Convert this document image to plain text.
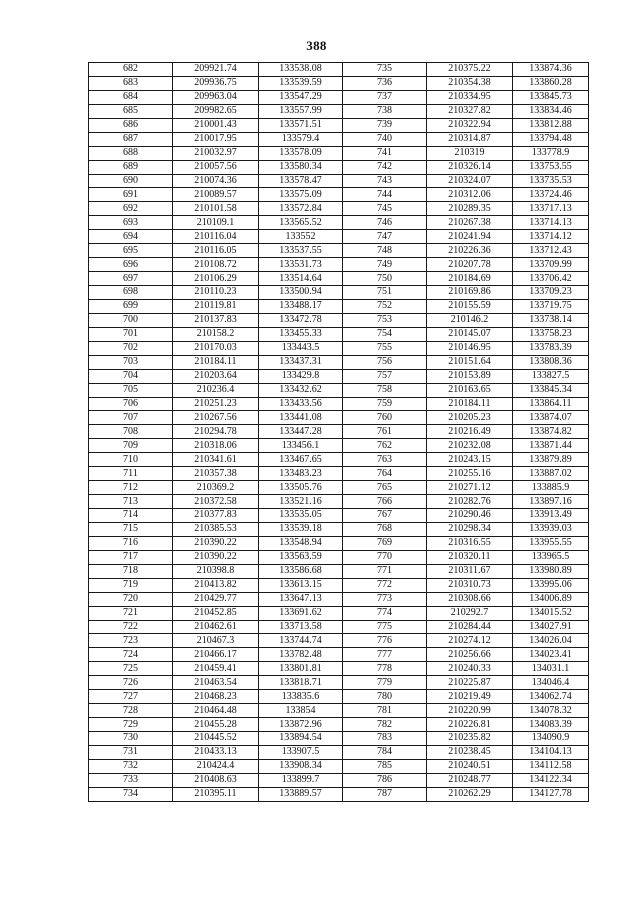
388
682	209921.74	133538.08	735	210375.22	133874.36
683	209936.75	133539.59	736	210354.38	133860.28
684	209963.04	133547.29	737	210334.95	133845.73
685	209982.65	133557.99	738	210327.82	133834.46
686	210001.43	133571.51	739	210322.94	133812.88
687	210017.95	133579.4	740	210314.87	133794.48
688	210032.97	133578.09	741	210319	133778.9
689	210057.56	133580.34	742	210326.14	133753.55
690	210074.36	133578.47	743	210324.07	133735.53
691	210089.57	133575.09	744	210312.06	133724.46
692	210101.58	133572.84	745	210289.35	133717.13
693	210109.1	133565.52	746	210267.38	133714.13
694	210116.04	133552	747	210241.94	133714.12
695	210116.05	133537.55	748	210226.36	133712.43
696	210108.72	133531.73	749	210207.78	133709.99
697	210106.29	133514.64	750	210184.69	133706.42
698	210110.23	133500.94	751	210169.86	133709.23
699	210119.81	133488.17	752	210155.59	133719.75
700	210137.83	133472.78	753	210146.2	133738.14
701	210158.2	133455.33	754	210145.07	133758.23
702	210170.03	133443.5	755	210146.95	133783.39
703	210184.11	133437.31	756	210151.64	133808.36
704	210203.64	133429.8	757	210153.89	133827.5
705	210236.4	133432.62	758	210163.65	133845.34
706	210251.23	133433.56	759	210184.11	133864.11
707	210267.56	133441.08	760	210205.23	133874.07
708	210294.78	133447.28	761	210216.49	133874.82
709	210318.06	133456.1	762	210232.08	133871.44
710	210341.61	133467.65	763	210243.15	133879.89
711	210357.38	133483.23	764	210255.16	133887.02
712	210369.2	133505.76	765	210271.12	133885.9
713	210372.58	133521.16	766	210282.76	133897.16
714	210377.83	133535.05	767	210290.46	133913.49
715	210385.53	133539.18	768	210298.34	133939.03
716	210390.22	133548.94	769	210316.55	133955.55
717	210390.22	133563.59	770	210320.11	133965.5
718	210398.8	133586.68	771	210311.67	133980.89
719	210413.82	133613.15	772	210310.73	133995.06
720	210429.77	133647.13	773	210308.66	134006.89
721	210452.85	133691.62	774	210292.7	134015.52
722	210462.61	133713.58	775	210284.44	134027.91
723	210467.3	133744.74	776	210274.12	134026.04
724	210466.17	133782.48	777	210256.66	134023.41
725	210459.41	133801.81	778	210240.33	134031.1
726	210463.54	133818.71	779	210225.87	134046.4
727	210468.23	133835.6	780	210219.49	134062.74
728	210464.48	133854	781	210220.99	134078.32
729	210455.28	133872.96	782	210226.81	134083.39
730	210445.52	133894.54	783	210235.82	134090.9
731	210433.13	133907.5	784	210238.45	134104.13
732	210424.4	133908.34	785	210240.51	134112.58
733	210408.63	133899.7	786	210248.77	134122.34
734	210395.11	133889.57	787	210262.29	134127.78
